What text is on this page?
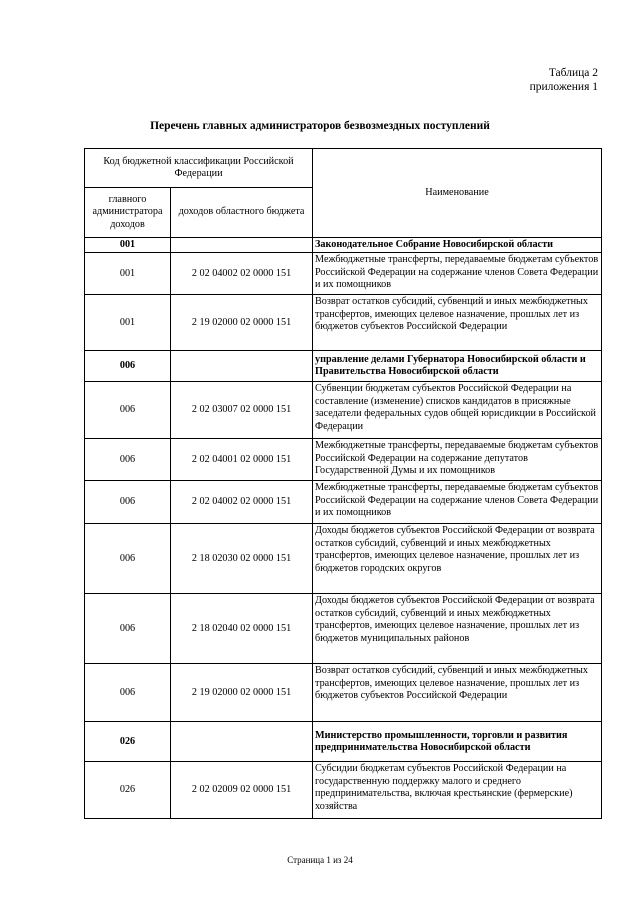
Таблица 2
приложения 1
Перечень главных администраторов безвозмездных поступлений
Код бюджетной классификации Российской Федерации		Наименование
главного администратора доходов	доходов областного бюджета	
001		Законодательное Собрание Новосибирской области
001	2 02 04002 02 0000 151	Межбюджетные трансферты, передаваемые бюджетам субъектов Российской Федерации на содержание членов Совета Федерации и их помощников
001	2 19 02000 02 0000 151	Возврат остатков субсидий, субвенций и иных межбюджетных трансфертов, имеющих целевое назначение, прошлых лет из бюджетов субъектов Российской Федерации
006		управление делами Губернатора Новосибирской области и Правительства Новосибирской области
006	2 02 03007 02 0000 151	Субвенции бюджетам субъектов Российской Федерации на составление (изменение) списков кандидатов в присяжные заседатели федеральных судов общей юрисдикции в Российской Федерации
006	2 02 04001 02 0000 151	Межбюджетные трансферты, передаваемые бюджетам субъектов Российской Федерации на содержание депутатов Государственной Думы и их помощников
006	2 02 04002 02 0000 151	Межбюджетные трансферты, передаваемые бюджетам субъектов Российской Федерации на содержание членов Совета Федерации и их помощников
006	2 18 02030 02 0000 151	Доходы бюджетов субъектов Российской Федерации от возврата остатков субсидий, субвенций и иных межбюджетных трансфертов, имеющих целевое назначение, прошлых лет из бюджетов городских округов
006	2 18 02040 02 0000 151	Доходы бюджетов субъектов Российской Федерации от возврата остатков субсидий, субвенций и иных межбюджетных трансфертов, имеющих целевое назначение, прошлых лет из бюджетов муниципальных районов
006	2 19 02000 02 0000 151	Возврат остатков субсидий, субвенций и иных межбюджетных трансфертов, имеющих целевое назначение, прошлых лет из бюджетов субъектов Российской Федерации
026		Министерство промышленности, торговли и развития предпринимательства Новосибирской области
026	2 02 02009 02 0000 151	Субсидии бюджетам субъектов Российской Федерации на государственную поддержку малого и среднего предпринимательства, включая крестьянские (фермерские) хозяйства
Страница 1 из 24
